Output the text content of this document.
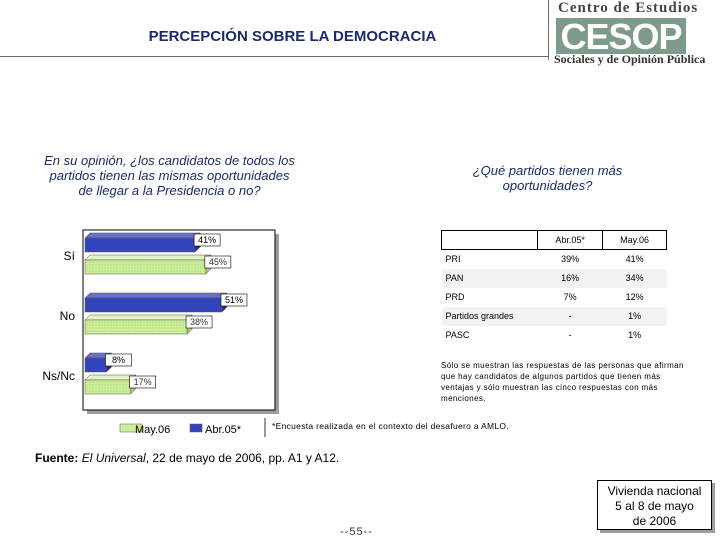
PERCEPCIÓN SOBRE LA DEMOCRACIA
Centro de Estudios
CESOP
Sociales y de Opinión Pública
En su opinión, ¿los candidatos de todos los partidos tienen las mismas oportunidades de llegar a la Presidencia o no?
¿Qué partidos tienen más oportunidades?
41%
45%
Sí
51%
38%
No
8%
17%
Ns/Nc
May.06	Abr.05*
	Abr.05*	May.06
PRI	39%	41%
PAN	16%	34%
PRD	7%	12%
Partidos grandes	-	1%
PASC	-	1%
Sólo se muestran las respuestas de las personas que afirman que hay candidatos de algunos partidos que tienen más ventajas y sólo muestran las cinco respuestas con más menciones.
*Encuesta realizada en el contexto del desafuero a AMLO.
Fuente: El Universal, 22 de mayo de 2006, pp. A1 y A12.
--55--
Vivienda nacional
5 al 8 de mayo
de 2006
